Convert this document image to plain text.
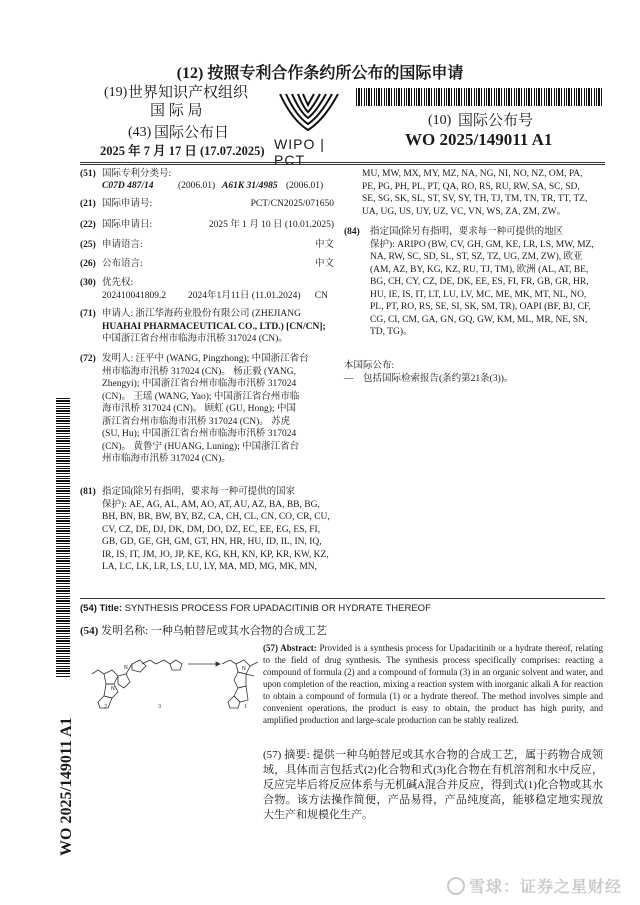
(12) 按照专利合作条约所公布的国际申请
(19) 世界知识产权组织
国 际 局
(43) 国际公布日
2025 年 7 月 17 日 (17.07.2025) WIPO | PCT
(10) 国际公布号
WO 2025/149011 A1
(51) 国际专利分类号:
C07D 487/14	(2006.01) A61K 31/4985 (2006.01)
(21) 国际申请号:	PCT/CN2025/071650
(22) 国际申请日:	2025 年 1 月 10 日 (10.01.2025)
(25) 申请语言:	中文
(26) 公布语言:	中文
(30) 优先权:
202410041809.2 2024年1月11日 (11.01.2024) CN
(71) 申请人: 浙江华海药业股份有限公司 (ZHEJIANG
HUAHAI PHARMACEUTICAL CO., LTD.) [CN/CN];
中国浙江省台州市临海市汛桥 317024 (CN)。
(72) 发明人: 汪平中 (WANG, Pingzhong); 中国浙江省台
州市临海市汛桥 317024 (CN)。 杨正毅 (YANG,
Zhengyi); 中国浙江省台州市临海市汛桥 317024
(CN)。 王瑶 (WANG, Yao); 中国浙江省台州市临
海市汛桥 317024 (CN)。 顾虹 (GU, Hong); 中国
浙江省台州市临海市汛桥 317024 (CN)。 苏虎
(SU, Hu); 中国浙江省台州市临海市汛桥 317024
(CN)。 黄鲁宁 (HUANG, Luning); 中国浙江省台
州市临海市汛桥 317024 (CN)。
(81) 指定国(除另有指明，要求每一种可提供的国家
保护): AE, AG, AL, AM, AO, AT, AU, AZ, BA, BB, BG,
BH, BN, BR, BW, BY, BZ, CA, CH, CL, CN, CO, CR, CU,
CV, CZ, DE, DJ, DK, DM, DO, DZ, EC, EE, EG, ES, FI,
GB, GD, GE, GH, GM, GT, HN, HR, HU, ID, IL, IN, IQ,
IR, IS, IT, JM, JO, JP, KE, KG, KH, KN, KP, KR, KW, KZ,
LA, LC, LK, LR, LS, LU, LY, MA, MD, MG, MK, MN,
MU, MW, MX, MY, MZ, NA, NG, NI, NO, NZ, OM, PA,
PE, PG, PH, PL, PT, QA, RO, RS, RU, RW, SA, SC, SD,
SE, SG, SK, SL, ST, SV, SY, TH, TJ, TM, TN, TR, TT, TZ,
UA, UG, US, UY, UZ, VC, VN, WS, ZA, ZM, ZW。
(84) 指定国(除另有指明，要求每一种可提供的地区
保护): ARIPO (BW, CV, GH, GM, KE, LR, LS, MW, MZ,
NA, RW, SC, SD, SL, ST, SZ, TZ, UG, ZM, ZW), 欧亚
(AM, AZ, BY, KG, KZ, RU, TJ, TM), 欧洲 (AL, AT, BE,
BG, CH, CY, CZ, DE, DK, EE, ES, FI, FR, GB, GR, HR,
HU, IE, IS, IT, LT, LU, LV, MC, ME, MK, MT, NL, NO,
PL, PT, RO, RS, SE, SI, SK, SM, TR), OAPI (BF, BJ, CF,
CG, CI, CM, GA, GN, GQ, GW, KM, ML, MR, NE, SN,
TD, TG)。
本国际公布:
—　包括国际检索报告(条约第21条(3))。
(54) Title: SYNTHESIS PROCESS FOR UPADACITINIB OR HYDRATE THEREOF
(54) 发明名称: 一种乌帕替尼或其水合物的合成工艺
N
N
N
2	3	1
(57) Abstract: Provided is a synthesis process for Upadacitinib or a hydrate thereof, relating to the field of drug synthesis. The synthesis process specifically comprises: reacting a compound of formula (2) and a compound of formula (3) in an organic solvent and water, and upon completion of the reaction, mixing a reaction system with inorganic alkali A for reaction to obtain a compound of formula (1) or a hydrate thereof. The method involves simple and convenient operations, the product is easy to obtain, the product has high purity, and amplified production and large-scale production can be stably realized.
(57) 摘要: 提供一种乌帕替尼或其水合物的合成工艺，属于药物合成领域，具体而言包括式(2)化合物和式(3)化合物在有机溶剂和水中反应，反应完毕后将反应体系与无机碱A混合并反应，得到式(1)化合物或其水合物。该方法操作简便，产品易得，产品纯度高，能够稳定地实现放大生产和规模化生产。
WO 2025/149011 A1
雪球：证券之星财经
